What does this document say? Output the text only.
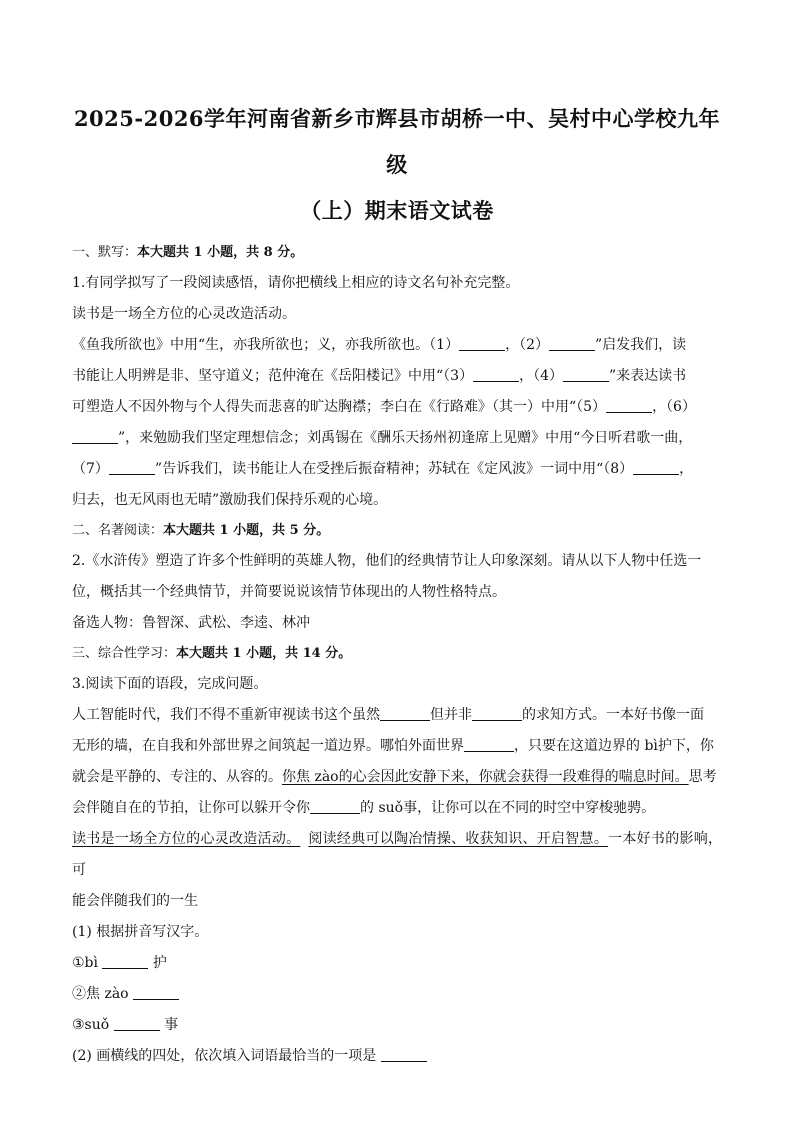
2025-2026学年河南省新乡市辉县市胡桥一中、吴村中心学校九年级
（上）期末语文试卷
一、默写：本大题共 1 小题，共 8 分。

1.有同学拟写了一段阅读感悟，请你把横线上相应的诗文名句补充完整。

读书是一场全方位的心灵改造活动。

《鱼我所欲也》中用“生，亦我所欲也；义，亦我所欲也。（1）	，（2）	”启发我们，读

书能让人明辨是非、坚守道义；范仲淹在《岳阳楼记》中用“（3）	，（4）	”来表达读书

可塑造人不因外物与个人得失而悲喜的旷达胸襟；李白在《行路难》（其一）中用“（5）	，（6）

”，来勉励我们坚定理想信念；刘禹锡在《酬乐天扬州初逢席上见赠》中用“今日听君歌一曲，

（7）	”告诉我们，读书能让人在受挫后振奋精神；苏轼在《定风波》一词中用“（8）	，

归去，也无风雨也无晴”激励我们保持乐观的心境。

二、名著阅读：本大题共 1 小题，共 5 分。

2.《水浒传》塑造了许多个性鲜明的英雄人物，他们的经典情节让人印象深刻。请从以下人物中任选一

位，概括其一个经典情节，并简要说说该情节体现出的人物性格特点。

备选人物：鲁智深、武松、李逵、林冲

三、综合性学习：本大题共 1 小题，共 14 分。

3.阅读下面的语段，完成问题。

人工智能时代，我们不得不重新审视读书这个虽然	但并非	的求知方式。一本好书像一面

无形的墙，在自我和外部世界之间筑起一道边界。哪怕外面世界	，只要在这道边界的 bì护下，你

就会是平静的、专注的、从容的。你焦 zào的心会因此安静下来，你就会获得一段难得的喘息时间。思考

会伴随自在的节拍，让你可以躲开令你	的 suǒ事，让你可以在不同的时空中穿梭驰骋。

读书是一场全方位的心灵改造活动。 阅读经典可以陶冶情操、收获知识、开启智慧。一本好书的影响，可

能会伴随我们的一生

(1) 根据拼音写汉字。

①bì	护

②焦 zào

③suǒ	事

(2) 画横线的四处，依次填入词语最恰当的一项是
